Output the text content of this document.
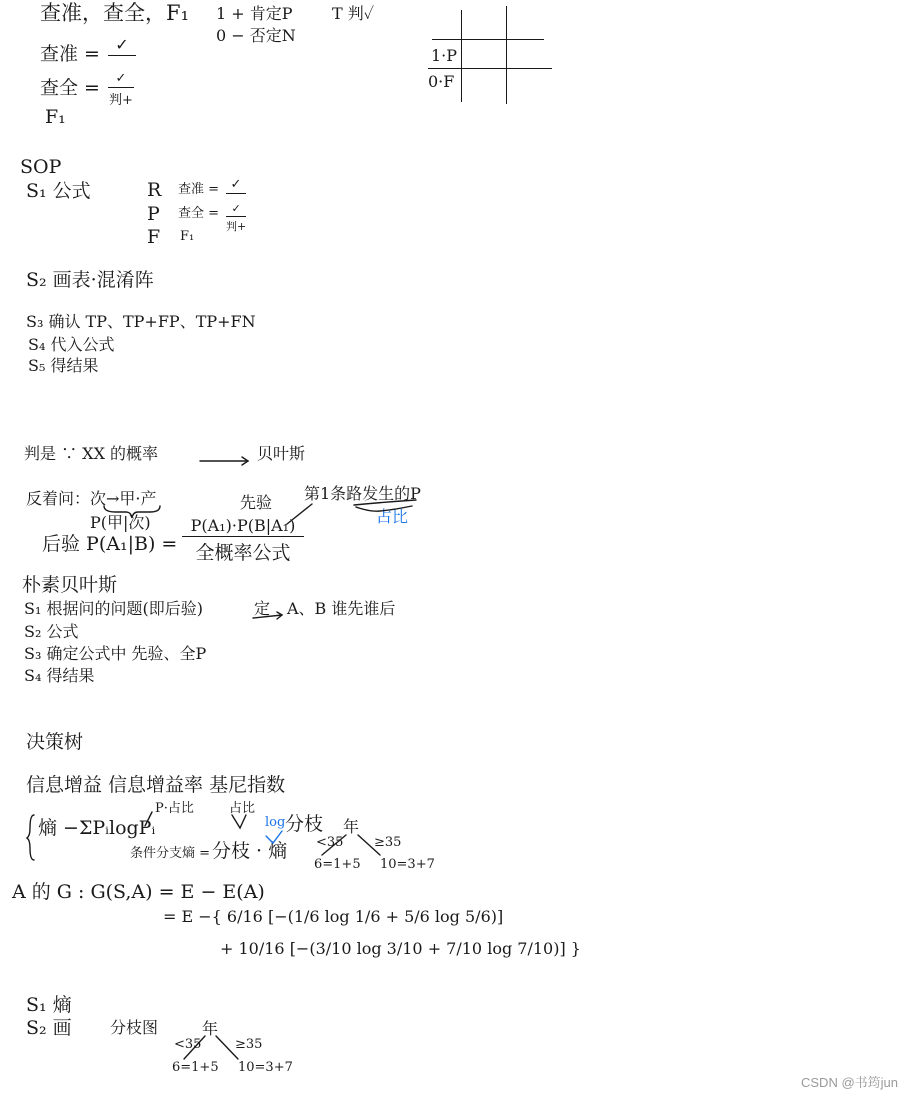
查准，查全，F₁ 1 + 肯定P
0 − 否定N
T 判✓
查准 = ✓
查全 = ✓
判+
F₁
1·P
0·F
SOP
S₁ 公式	R 查准 = ✓
P 查全 = ✓
判+
F F₁
S₂ 画表·混淆阵
S₃ 确认 TP、TP+FP、TP+FN
S₄ 代入公式
S₅ 得结果
判是 ∵ XX 的概率	贝叶斯
反着问：次→甲·产
P(甲|次)
先验 第1条路发生的P
占比
后验 P(A₁|B) =
P(A₁)·P(B|A₁)
全概率公式
朴素贝叶斯
S₁ 根据问的问题(即后验)	定 A、B 谁先谁后
S₂ 公式
S₃ 确定公式中 先验、全P
S₄ 得结果
决策树
信息增益 信息增益率 基尼指数
熵 −ΣPᵢlogPᵢ
P·占比	占比
log 分枝
条件分支熵 = 分枝 · 熵
年
<35 ≥35
6=1+5 10=3+7
A 的 G : G(S,A) = E − E(A)
= E −{ 6/16 [−(1/6 log 1/6 + 5/6 log 5/6)]
+ 10/16 [−(3/10 log 3/10 + 7/10 log 7/10)] }
S₁ 熵
S₂ 画 分枝图	年
<35	≥35
6=1+5 10=3+7
CSDN @书筠jun
